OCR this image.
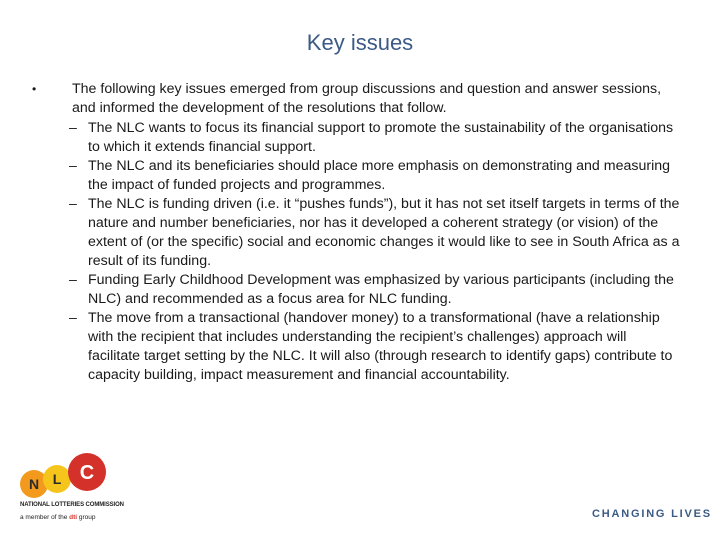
Key issues
•	The following key issues emerged from group discussions and question and answer sessions, and informed the development of the resolutions that follow.
– The NLC wants to focus its financial support to promote the sustainability of the organisations to which it extends financial support.
– The NLC and its beneficiaries should place more emphasis on demonstrating and measuring the impact of funded projects and programmes.
– The NLC is funding driven (i.e. it “pushes funds”), but it has not set itself targets in terms of the nature and number beneficiaries, nor has it developed a coherent strategy (or vision) of the extent of (or the specific) social and economic changes it would like to see in South Africa as a result of its funding.
– Funding Early Childhood Development was emphasized by various participants (including the NLC) and recommended as a focus area for NLC funding.
– The move from a transactional (handover money) to a transformational (have a relationship with the recipient that includes understanding the recipient’s challenges) approach will facilitate target setting by the NLC. It will also (through research to identify gaps) contribute to capacity building, impact measurement and financial accountability.
N L C
NATIONAL LOTTERIES COMMISSION
a member of the dti group	CHANGING LIVES
